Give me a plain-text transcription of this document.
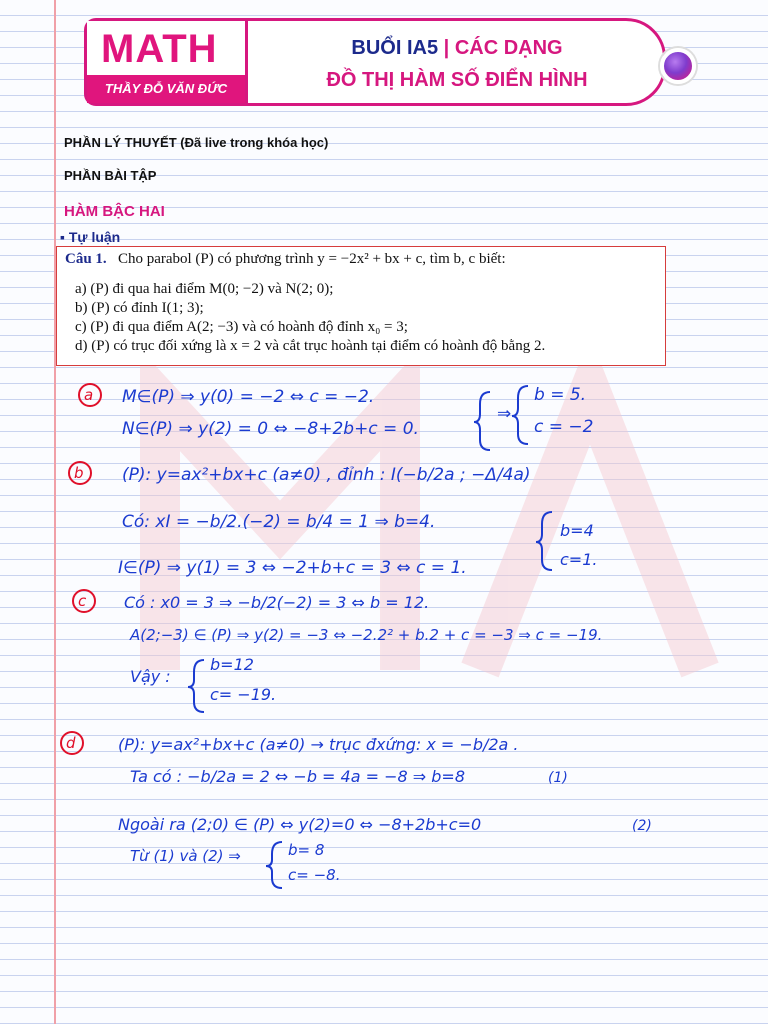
MATH
THẦY ĐỖ VĂN ĐỨC
BUỔI IA5 | CÁC DẠNG
ĐỒ THỊ HÀM SỐ ĐIỂN HÌNH
PHẦN LÝ THUYẾT (Đã live trong khóa học)
PHẦN BÀI TẬP
HÀM BẬC HAI
▪ Tự luận
Câu 1. Cho parabol (P) có phương trình y = −2x² + bx + c, tìm b, c biết:
a) (P) đi qua hai điểm M(0; −2) và N(2; 0);
b) (P) có đỉnh I(1; 3);
c) (P) đi qua điểm A(2; −3) và có hoành độ đỉnh x₀ = 3;
d) (P) có trục đối xứng là x = 2 và cắt trục hoành tại điểm có hoành độ bằng 2.
a M∈(P) ⇒ y(0) = −2 ⇔ c = −2.
N∈(P) ⇒ y(2) = 0 ⇔ −8+2b+c = 0.
⇒
b = 5.
c = −2
b (P): y=ax²+bx+c (a≠0) , đỉnh : I(−b/2a ; −Δ/4a)
Có: xI = −b/2.(−2) = b/4 = 1 ⇒ b=4.
I∈(P) ⇒ y(1) = 3 ⇔ −2+b+c = 3 ⇔ c = 1.
b=4
c=1.
c Có : x0 = 3 ⇒ −b/2(−2) = 3 ⇔ b = 12.
A(2;−3) ∈ (P) ⇒ y(2) = −3 ⇔ −2.2² + b.2 + c = −3 ⇒ c = −19.
Vậy :
b=12
c= −19.
d	(P): y=ax²+bx+c (a≠0) → trục đxứng: x = −b/2a .
Ta có : −b/2a = 2 ⇔ −b = 4a = −8 ⇒ b=8	(1)
Ngoài ra (2;0) ∈ (P) ⇔ y(2)=0 ⇔ −8+2b+c=0	(2)
Từ (1) và (2) ⇒	b= 8
c= −8.
